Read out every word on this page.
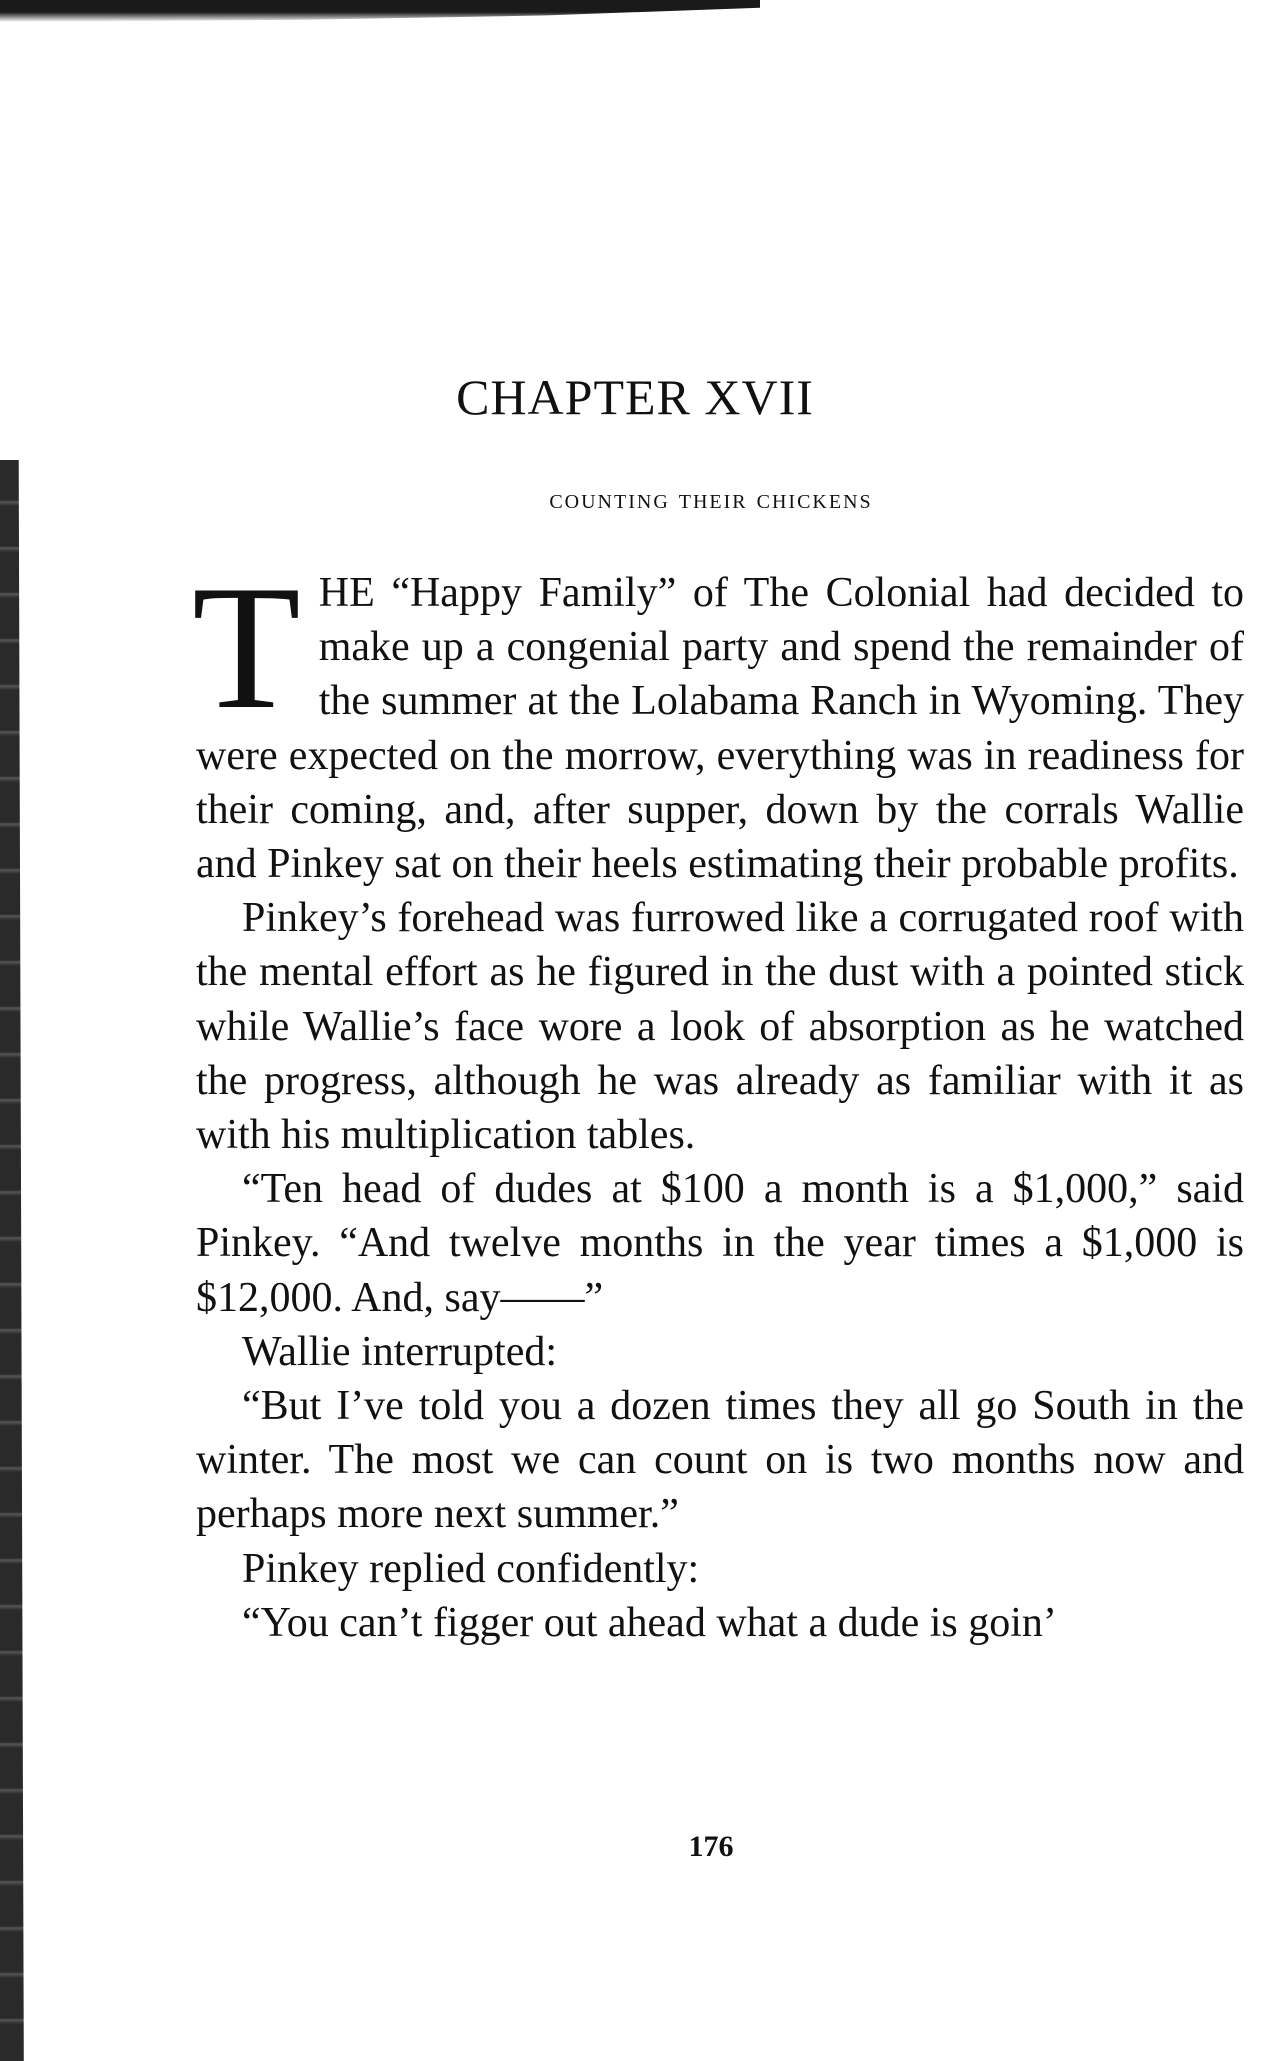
CHAPTER XVII
counting their chickens

THE “Happy Family” of The Colonial had decided to make up a congenial party and spend the remainder of the summer at the Lolabama Ranch in Wyoming. They were expected on the morrow, everything was in readiness for their coming, and, after supper, down by the corrals Wallie and Pinkey sat on their heels estimating their probable profits.

Pinkey’s forehead was furrowed like a corrugated roof with the mental effort as he figured in the dust with a pointed stick while Wallie’s face wore a look of absorption as he watched the progress, although he was already as familiar with it as with his multiplication tables.

“Ten head of dudes at $100 a month is a $1,000,” said Pinkey. “And twelve months in the year times a $1,000 is $12,000. And, say——”

Wallie interrupted:

“But I’ve told you a dozen times they all go South in the winter. The most we can count on is two months now and perhaps more next summer.”

Pinkey replied confidently:

“You can’t figger out ahead what a dude is goin’

176
